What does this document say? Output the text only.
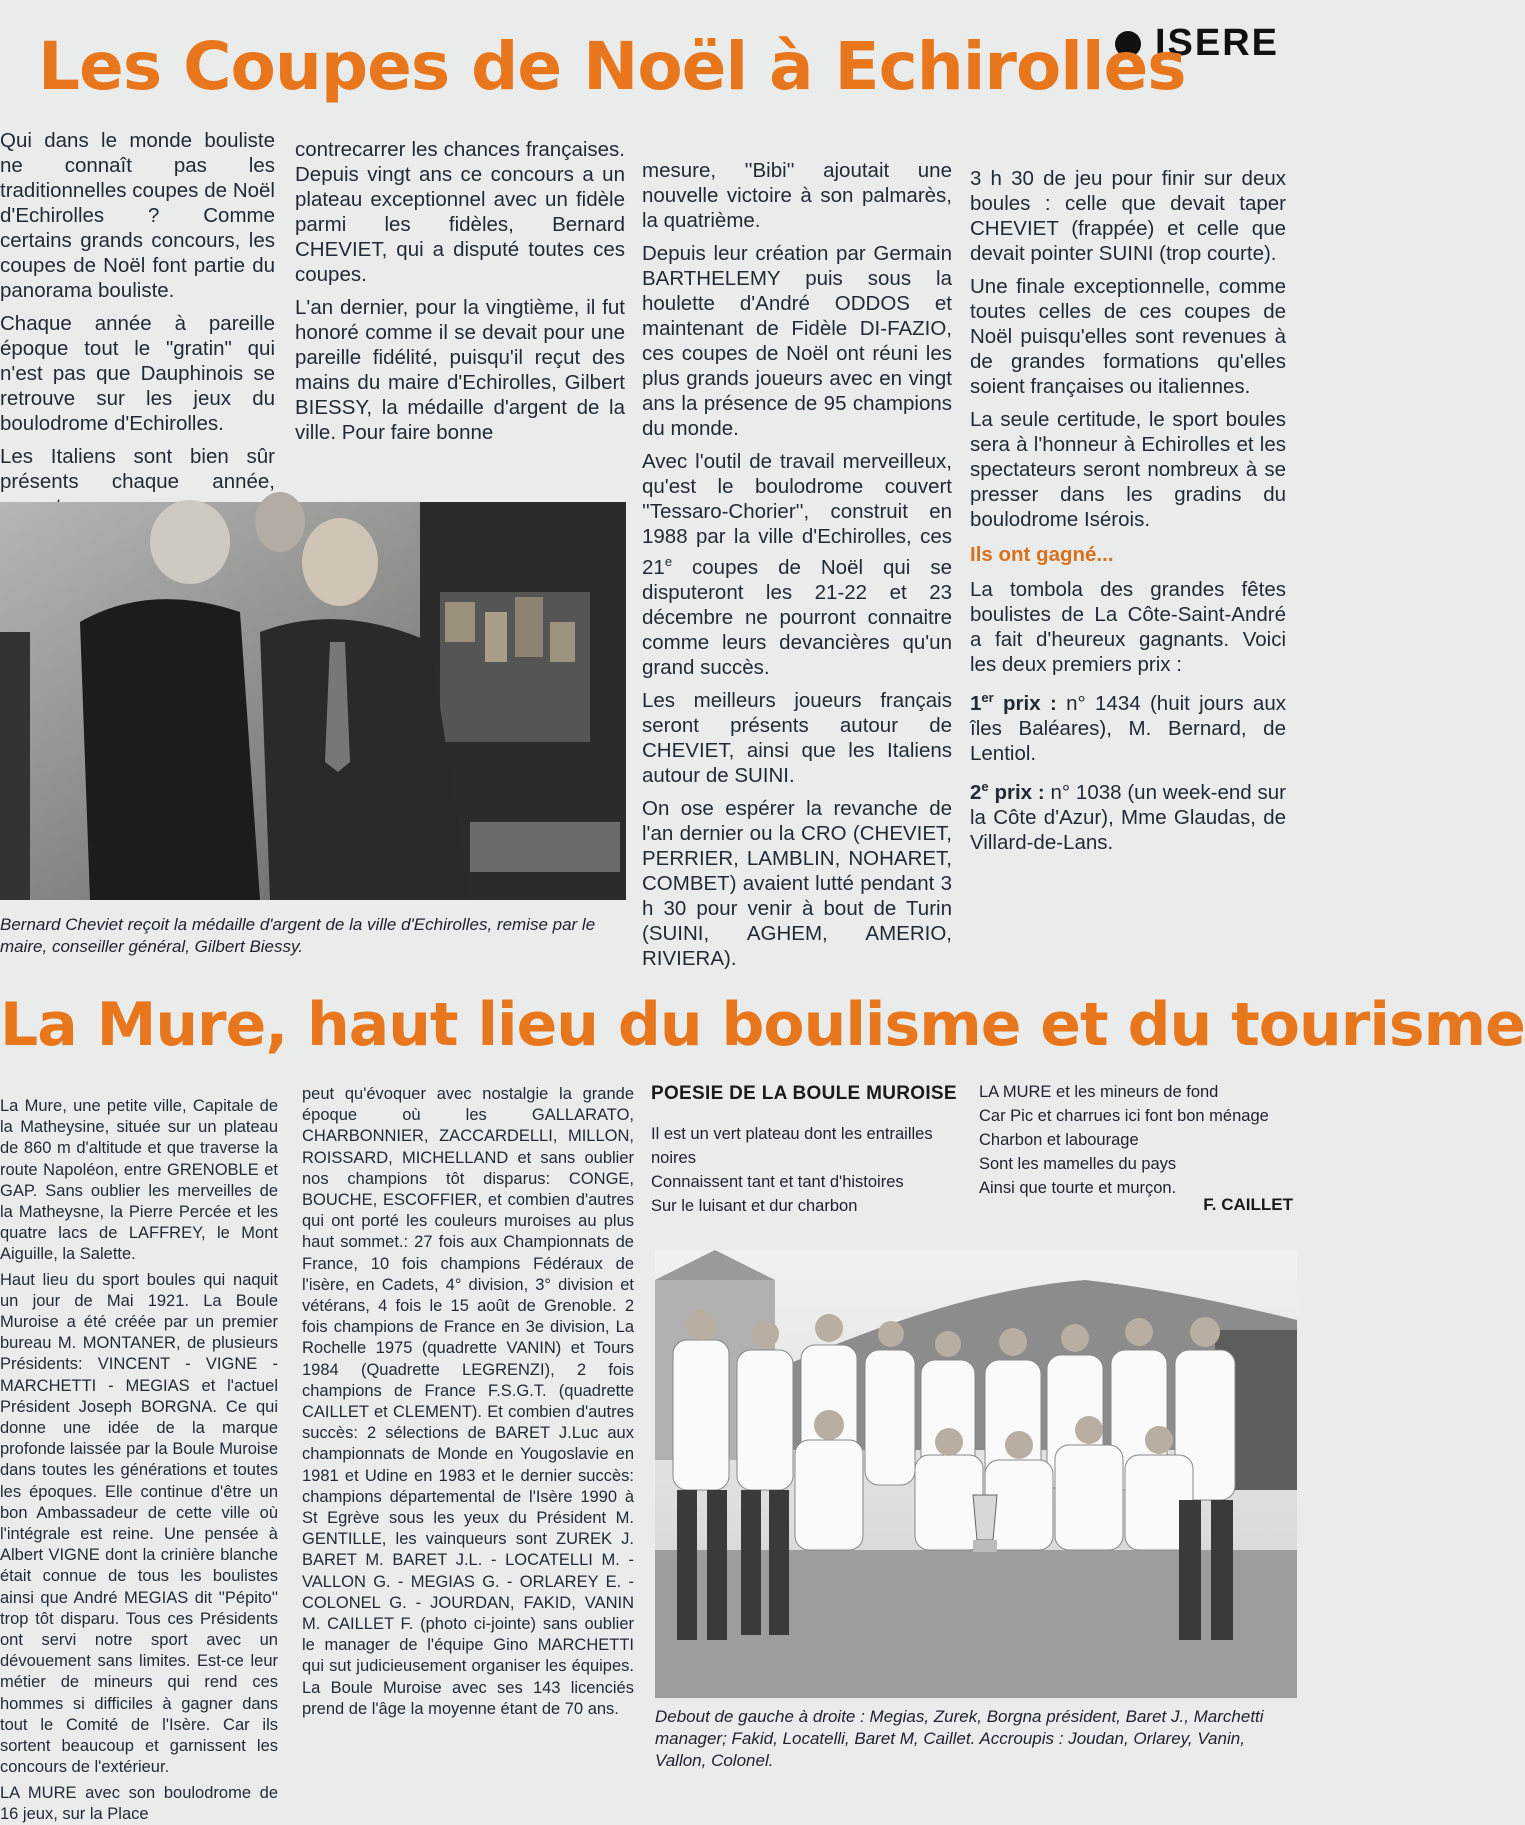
ISERE
Les Coupes de Noël à Echirolles

Qui dans le monde bouliste ne connaît pas les traditionnelles coupes de Noël d'Echirolles ? Comme certains grands concours, les coupes de Noël font partie du panorama bouliste.

Chaque année à pareille époque tout le "gratin" qui n'est pas que Dauphinois se retrouve sur les jeux du boulodrome d'Echirolles.

Les Italiens sont bien sûr présents chaque année,

contrecarrer les chances françaises. Depuis vingt ans ce concours a un plateau exceptionnel avec un fidèle parmi les fidèles, Bernard CHEVIET, qui a disputé toutes ces coupes.

L'an dernier, pour la vingtième, il fut honoré comme il se devait pour une pareille fidélité, puisqu'il reçut des mains du maire d'Echirolles, Gilbert BIESSY, la médaille d'argent de la ville. Pour faire bonne

mesure, ''Bibi'' ajoutait une nouvelle victoire à son palmarès, la quatrième.

Depuis leur création par Germain BARTHELEMY puis sous la houlette d'André ODDOS et maintenant de Fidèle DI-FAZIO, ces coupes de Noël ont réuni les plus grands joueurs avec en vingt ans la présence de 95 champions du monde.

Avec l'outil de travail merveilleux, qu'est le boulodrome couvert ''Tessaro-Chorier'', construit en 1988 par la ville d'Echirolles, ces 21e coupes de Noël qui se disputeront les 21-22 et 23 décembre ne pourront connaitre comme leurs devancières qu'un grand succès.

Les meilleurs joueurs français seront présents autour de CHEVIET, ainsi que les Italiens autour de SUINI.

On ose espérer la revanche de l'an dernier ou la CRO (CHEVIET, PERRIER, LAMBLIN, NOHARET, COMBET) avaient lutté pendant 3 h 30 pour venir à bout de Turin (SUINI, AGHEM, AMERIO, RIVIERA).

3 h 30 de jeu pour finir sur deux boules : celle que devait taper CHEVIET (frappée) et celle que devait pointer SUINI (trop courte).

Une finale exceptionnelle, comme toutes celles de ces coupes de Noël puisqu'elles sont revenues à de grandes formations qu'elles soient françaises ou italiennes.

La seule certitude, le sport boules sera à l'honneur à Echirolles et les spectateurs seront nombreux à se presser dans les gradins du boulodrome Isérois.

Ils ont gagné...

La tombola des grandes fêtes boulistes de La Côte-Saint-André a fait d'heureux gagnants. Voici les deux premiers prix :

1er prix : n° 1434 (huit jours aux îles Baléares), M. Bernard, de Lentiol.

2e prix : n° 1038 (un week-end sur la Côte d'Azur), Mme Glaudas, de Villard-de-Lans.

Bernard Cheviet reçoit la médaille d'argent de la ville d'Echirolles, remise par le maire, conseiller général, Gilbert Biessy.
La Mure, haut lieu du boulisme et du tourisme

La Mure, une petite ville, Capitale de la Matheysine, située sur un plateau de 860 m d'altitude et que traverse la route Napoléon, entre GRENOBLE et GAP. Sans oublier les merveilles de la Matheysne, la Pierre Percée et les quatre lacs de LAFFREY, le Mont Aiguille, la Salette.

Haut lieu du sport boules qui naquit un jour de Mai 1921. La Boule Muroise a été créée par un premier bureau M. MONTANER, de plusieurs Présidents: VINCENT - VIGNE - MARCHETTI - MEGIAS et l'actuel Président Joseph BORGNA. Ce qui donne une idée de la marque profonde laissée par la Boule Muroise dans toutes les générations et toutes les époques. Elle continue d'être un bon Ambassadeur de cette ville où l'intégrale est reine. Une pensée à Albert VIGNE dont la crinière blanche était connue de tous les boulistes ainsi que André MEGIAS dit ''Pépito'' trop tôt disparu. Tous ces Présidents ont servi notre sport avec un dévouement sans limites. Est-ce leur métier de mineurs qui rend ces hommes si difficiles à gagner dans tout le Comité de l'Isère. Car ils sortent beaucoup et garnissent les concours de l'extérieur.

LA MURE avec son boulodrome de 16 jeux, sur la Place

peut qu'évoquer avec nostalgie la grande époque où les GALLARATO, CHARBONNIER, ZACCARDELLI, MILLON, ROISSARD, MICHELLAND et sans oublier nos champions tôt disparus: CONGE, BOUCHE, ESCOFFIER, et combien d'autres qui ont porté les couleurs muroises au plus haut sommet.: 27 fois aux Championnats de France, 10 fois champions Fédéraux de l'isère, en Cadets, 4° division, 3° division et vétérans, 4 fois le 15 août de Grenoble. 2 fois champions de France en 3e division, La Rochelle 1975 (quadrette VANIN) et Tours 1984 (Quadrette LEGRENZI), 2 fois champions de France F.S.G.T. (quadrette CAILLET et CLEMENT). Et combien d'autres succès: 2 sélections de BARET J.Luc aux championnats de Monde en Yougoslavie en 1981 et Udine en 1983 et le dernier succès: champions départemental de l'Isère 1990 à St Egrève sous les yeux du Président M. GENTILLE, les vainqueurs sont ZUREK J. BARET M. BARET J.L. - LOCATELLI M. - VALLON G. - MEGIAS G. - ORLAREY E. - COLONEL G. - JOURDAN, FAKID, VANIN M. CAILLET F. (photo ci-jointe) sans oublier le manager de l'équipe Gino MARCHETTI qui sut judicieusement organiser les équipes. La Boule Muroise avec ses 143 licenciés prend de l'âge la moyenne étant de 70 ans.

POESIE DE LA BOULE MUROISE
Il est un vert plateau dont les entrailles
noires
Connaissent tant et tant d'histoires
Sur le luisant et dur charbon
LA MURE et les mineurs de fond
Car Pic et charrues ici font bon ménage
Charbon et labourage
Sont les mamelles du pays
Ainsi que tourte et murçon.
F. CAILLET
Debout de gauche à droite : Megias, Zurek, Borgna président, Baret J., Marchetti manager; Fakid, Locatelli, Baret M, Caillet. Accroupis : Joudan, Orlarey, Vanin, Vallon, Colonel.
